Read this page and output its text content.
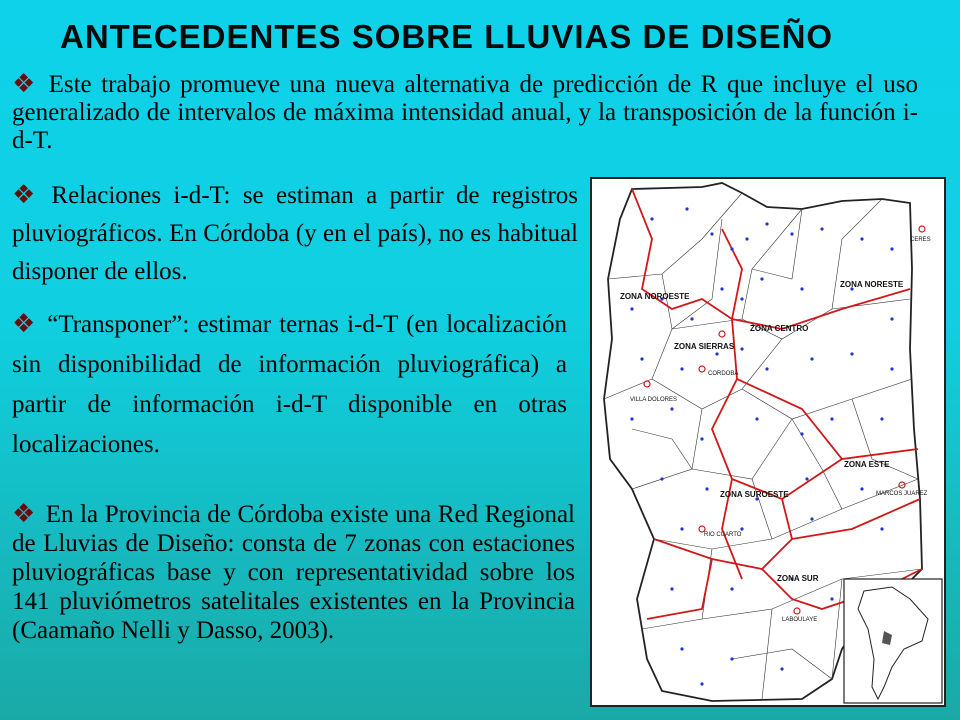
ANTECEDENTES SOBRE LLUVIAS DE DISEÑO
❖ Este trabajo promueve una nueva alternativa de predicción de R que incluye el uso generalizado de intervalos de máxima intensidad anual, y la transposición de la función i-d-T.
❖ Relaciones i-d-T: se estiman a partir de registros pluviográficos. En Córdoba (y en el país), no es habitual disponer de ellos.
❖ “Transponer”: estimar ternas i-d-T (en localización sin disponibilidad de información pluviográfica) a partir de información i-d-T disponible en otras localizaciones.
❖ En la Provincia de Córdoba existe una Red Regional de Lluvias de Diseño: consta de 7 zonas con estaciones pluviográficas base y con representatividad sobre los 141 pluviómetros satelitales existentes en la Provincia (Caamaño Nelli y Dasso, 2003).
ZONA NOROESTE
ZONA NORESTE
ZONA CENTRO
ZONA SIERRAS
ZONA ESTE
ZONA SUROESTE
ZONA SUR
CERES
CORDOBA
VILLA DOLORES
RIO CUARTO
MARCOS JUAREZ
LABOULAYE
